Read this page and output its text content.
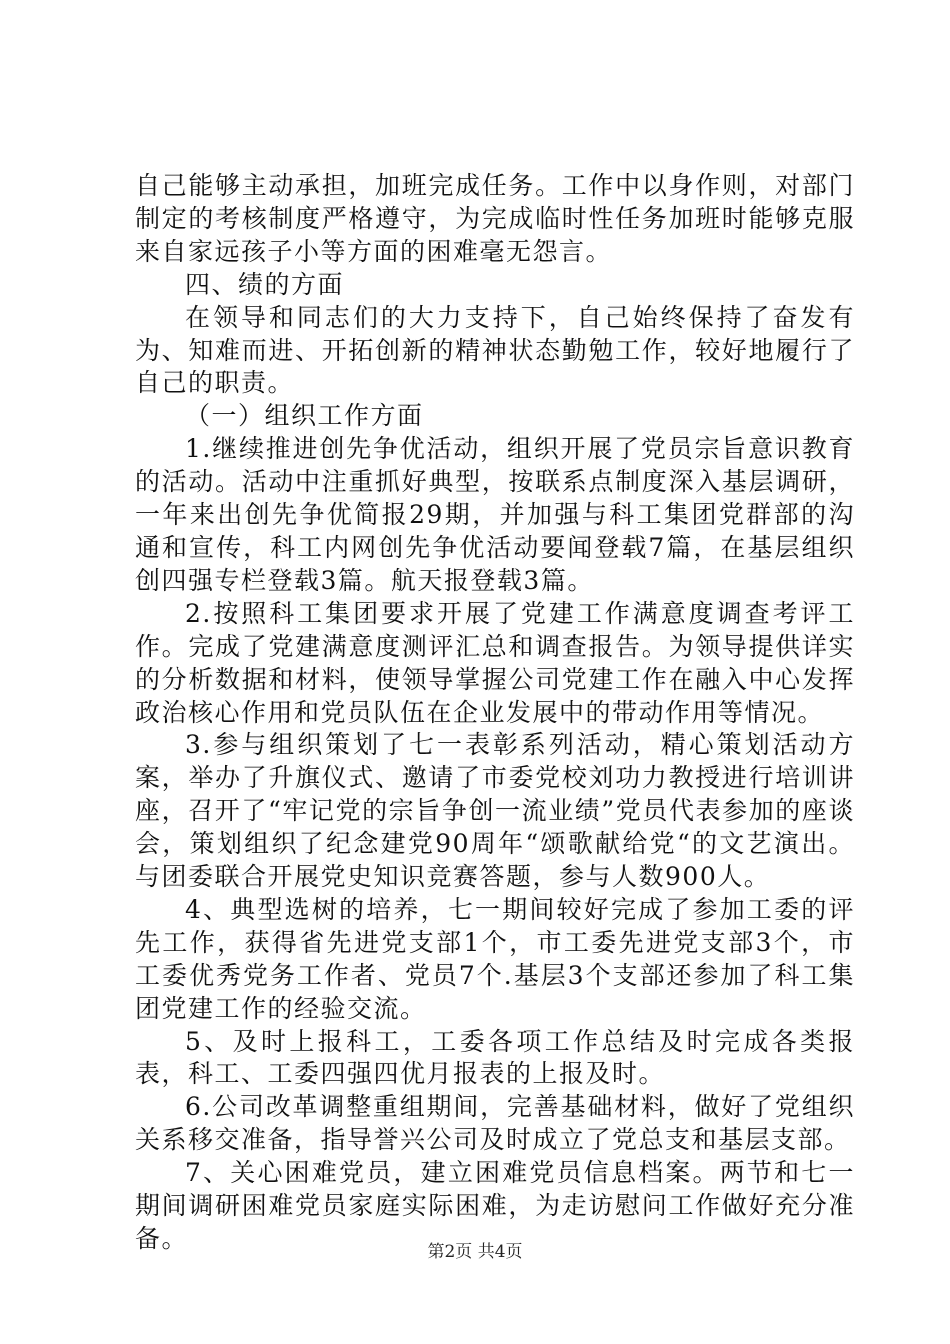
自己能够主动承担，加班完成任务。工作中以身作则，对部门制定的考核制度严格遵守，为完成临时性任务加班时能够克服来自家远孩子小等方面的困难毫无怨言。

四、绩的方面

在领导和同志们的大力支持下，自己始终保持了奋发有为、知难而进、开拓创新的精神状态勤勉工作，较好地履行了自己的职责。

（一）组织工作方面

1.继续推进创先争优活动，组织开展了党员宗旨意识教育的活动。活动中注重抓好典型，按联系点制度深入基层调研，一年来出创先争优简报29期，并加强与科工集团党群部的沟通和宣传，科工内网创先争优活动要闻登载7篇，在基层组织创四强专栏登载3篇。航天报登载3篇。

2.按照科工集团要求开展了党建工作满意度调查考评工作。完成了党建满意度测评汇总和调查报告。为领导提供详实的分析数据和材料，使领导掌握公司党建工作在融入中心发挥政治核心作用和党员队伍在企业发展中的带动作用等情况。

3.参与组织策划了七一表彰系列活动，精心策划活动方案，举办了升旗仪式、邀请了市委党校刘功力教授进行培训讲座，召开了“牢记党的宗旨争创一流业绩”党员代表参加的座谈会，策划组织了纪念建党90周年“颂歌献给党“的文艺演出。与团委联合开展党史知识竞赛答题，参与人数900人。

4、典型选树的培养，七一期间较好完成了参加工委的评先工作，获得省先进党支部1个，市工委先进党支部3个，市工委优秀党务工作者、党员7个.基层3个支部还参加了科工集团党建工作的经验交流。

5、及时上报科工，工委各项工作总结及时完成各类报表，科工、工委四强四优月报表的上报及时。

6.公司改革调整重组期间，完善基础材料，做好了党组织关系移交准备，指导誉兴公司及时成立了党总支和基层支部。

7、关心困难党员，建立困难党员信息档案。两节和七一期间调研困难党员家庭实际困难，为走访慰问工作做好充分准备。	第2页 共4页
